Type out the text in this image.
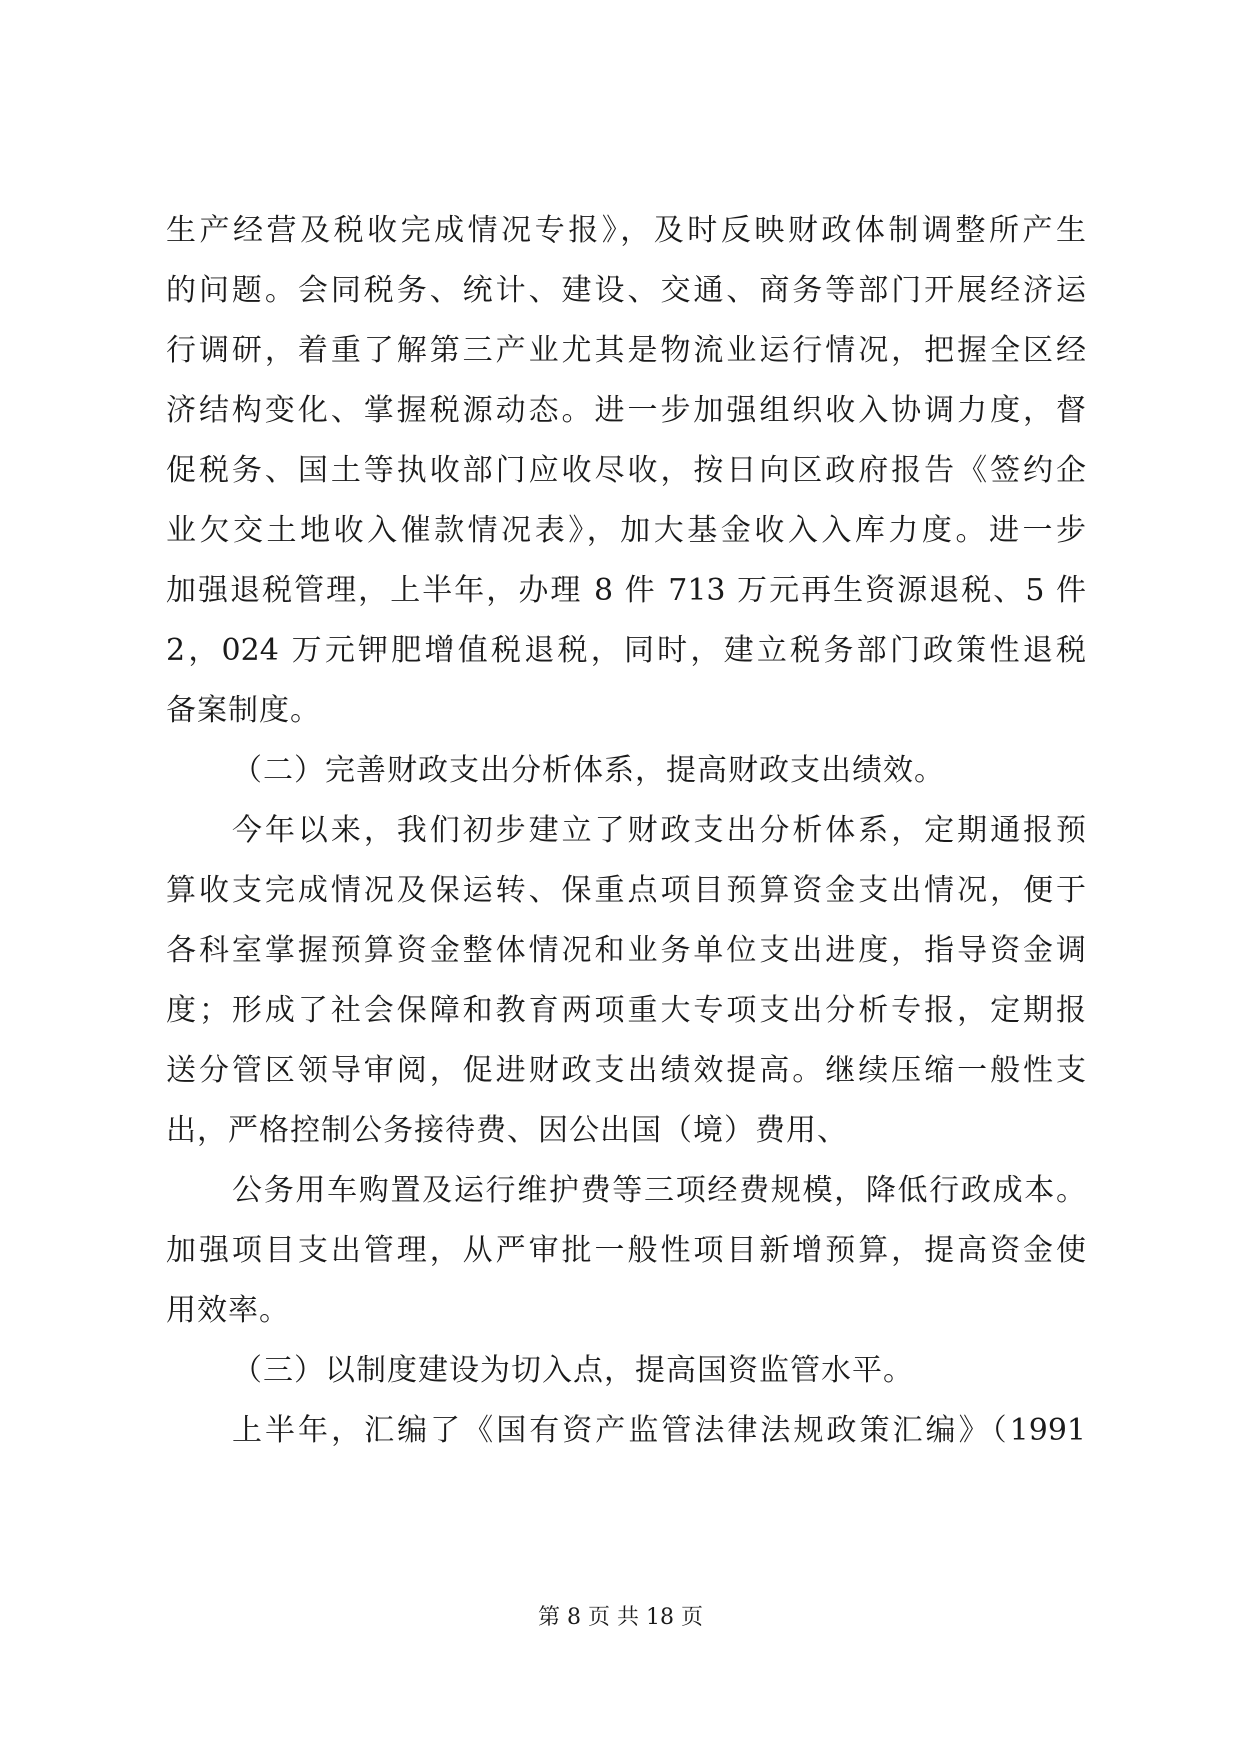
生产经营及税收完成情况专报》，及时反映财政体制调整所产生
的问题。会同税务、统计、建设、交通、商务等部门开展经济运
行调研，着重了解第三产业尤其是物流业运行情况，把握全区经
济结构变化、掌握税源动态。进一步加强组织收入协调力度，督
促税务、国土等执收部门应收尽收，按日向区政府报告《签约企
业欠交土地收入催款情况表》，加大基金收入入库力度。进一步
加强退税管理，上半年，办理 8 件 713 万元再生资源退税、5 件
2，024 万元钾肥增值税退税，同时，建立税务部门政策性退税
备案制度。
（二）完善财政支出分析体系，提高财政支出绩效。
今年以来，我们初步建立了财政支出分析体系，定期通报预
算收支完成情况及保运转、保重点项目预算资金支出情况，便于
各科室掌握预算资金整体情况和业务单位支出进度，指导资金调
度；形成了社会保障和教育两项重大专项支出分析专报，定期报
送分管区领导审阅，促进财政支出绩效提高。继续压缩一般性支
出，严格控制公务接待费、因公出国（境）费用、
公务用车购置及运行维护费等三项经费规模，降低行政成本。
加强项目支出管理，从严审批一般性项目新增预算，提高资金使
用效率。
（三）以制度建设为切入点，提高国资监管水平。
上半年，汇编了《国有资产监管法律法规政策汇编》（1991
第 8 页 共 18 页
